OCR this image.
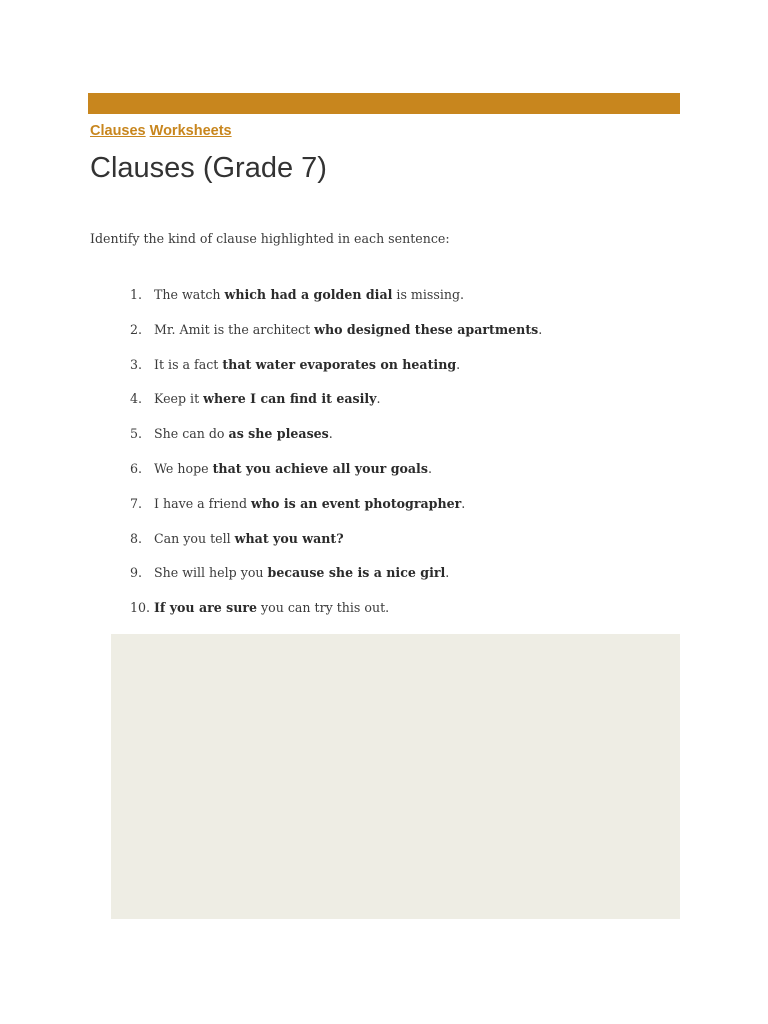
Clauses Worksheets
Clauses (Grade 7)

Identify the kind of clause highlighted in each sentence:

1. The watch which had a golden dial is missing.
2. Mr. Amit is the architect who designed these apartments.
3. It is a fact that water evaporates on heating.
4. Keep it where I can find it easily.
5. She can do as she pleases.
6. We hope that you achieve all your goals.
7. I have a friend who is an event photographer.
8. Can you tell what you want?
9. She will help you because she is a nice girl.
10. If you are sure you can try this out.
